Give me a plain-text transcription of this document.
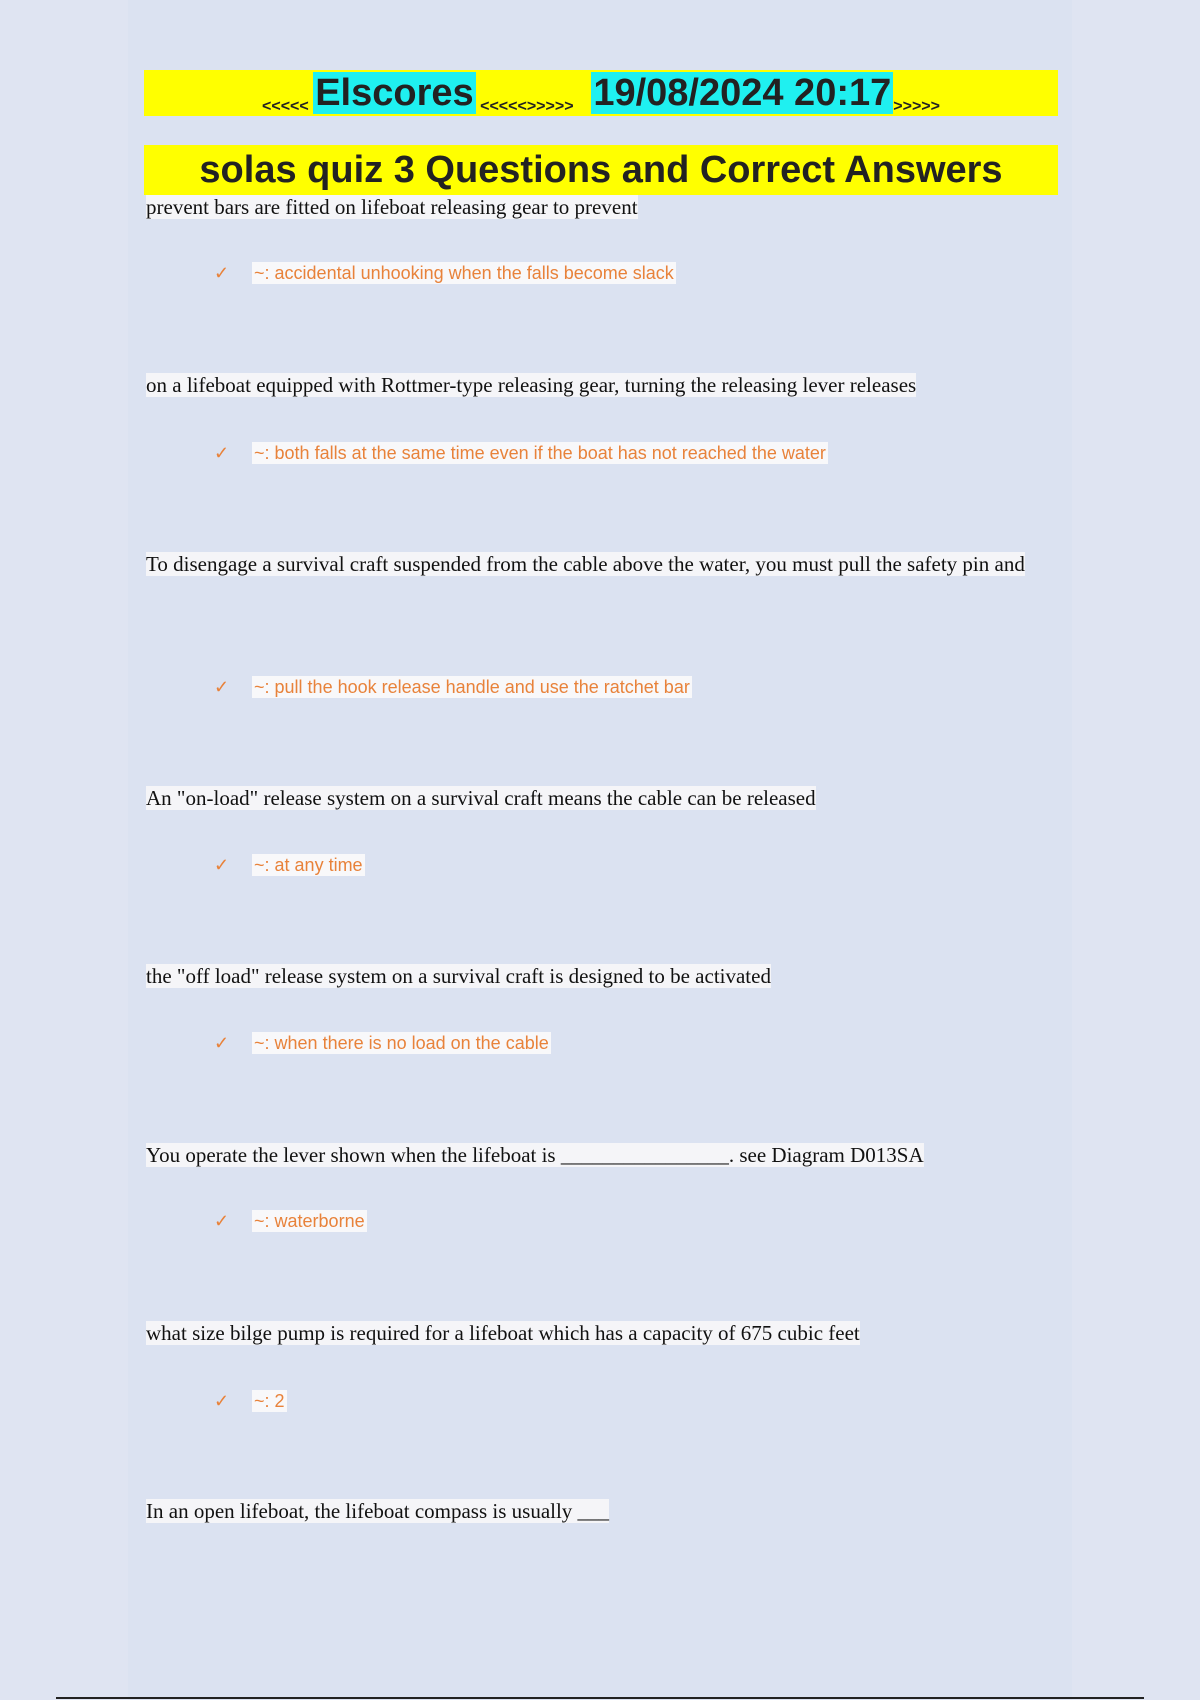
<<<<< Elscores <<<<<>>>>> 19/08/2024 20:17 >>>>>
solas quiz 3 Questions and Correct Answers
prevent bars are fitted on lifeboat releasing gear to prevent
✓ ~: accidental unhooking when the falls become slack
on a lifeboat equipped with Rottmer-type releasing gear, turning the releasing lever releases
✓ ~: both falls at the same time even if the boat has not reached the water
To disengage a survival craft suspended from the cable above the water, you must pull the safety pin and
✓ ~: pull the hook release handle and use the ratchet bar
An "on-load" release system on a survival craft means the cable can be released
✓ ~: at any time
the "off load" release system on a survival craft is designed to be activated
✓ ~: when there is no load on the cable
You operate the lever shown when the lifeboat is ________________. see Diagram D013SA
✓ ~: waterborne
what size bilge pump is required for a lifeboat which has a capacity of 675 cubic feet
✓ ~: 2
In an open lifeboat, the lifeboat compass is usually ___
